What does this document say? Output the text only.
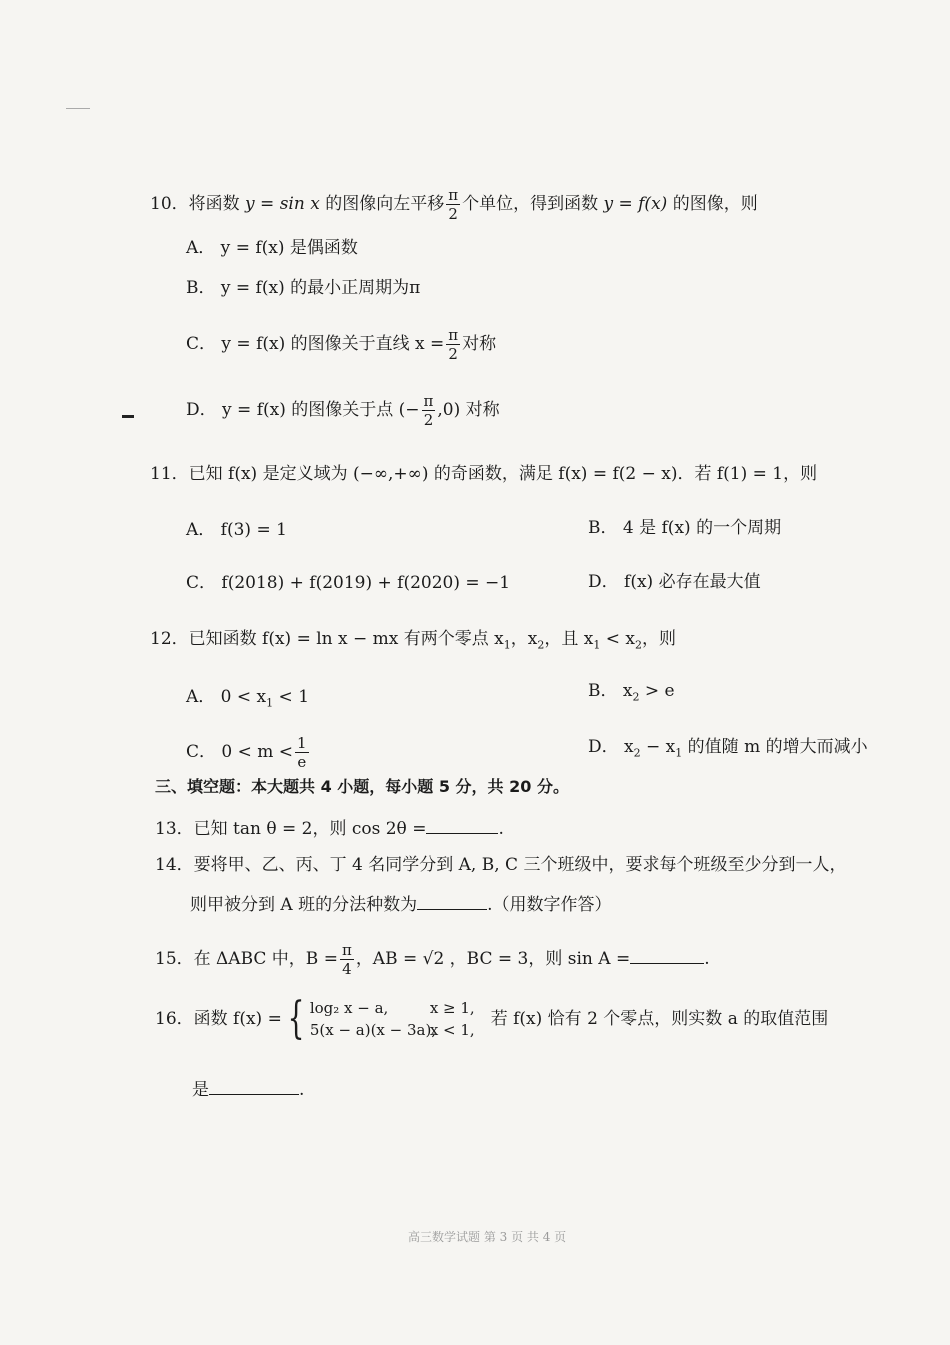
10．将函数 y = sin x 的图像向左平移 $\frac{\pi}{2}$ 个单位，得到函数 y = f(x) 的图像，则
A． y = f(x) 是偶函数
B． y = f(x) 的最小正周期为π
C． y = f(x) 的图像关于直线 $x = \frac{\pi}{2}$ 对称
D． y = f(x) 的图像关于点 (− $\frac{\pi}{2} ,0$) 对称
11．已知 f(x) 是定义域为 (−∞,+∞) 的奇函数，满足 f(x) = f(2 − x)．若 f(1) = 1，则
A． f(3) = 1	B． 4 是 f(x) 的一个周期
C． f(2018) + f(2019) + f(2020) = −1	D． f(x) 必存在最大值
12．已知函数 f(x) = ln x − mx 有两个零点 $x_1$，$x_2$，且 $x_1 < x_2$，则
A． $0 < x_1 < 1$	B． $x_2 > e$
C． $0 < m < \frac{1}{e}$	D． $x_2 - x_1$ 的值随 m 的增大而减小
三、填空题：本大题共 4 小题，每小题 5 分，共 20 分。
13．已知 tan θ = 2，则 cos 2θ =	.
14．要将甲、乙、丙、丁 4 名同学分到 A, B, C 三个班级中，要求每个班级至少分到一人，
则甲被分到 A 班的分法种数为	.（用数字作答）
15．在 ΔABC 中，$B = \frac{\pi}{4}$ ，AB = √2 ，BC = 3，则 sin A =	.
16．函数 f(x) = { log₂ x − a,	x ≥ 1,
5(x − a)(x − 3a),x < 1,
若 f(x) 恰有 2 个零点，则实数 a 的取值范围
是	.
高三数学试题 第 3 页 共 4 页
